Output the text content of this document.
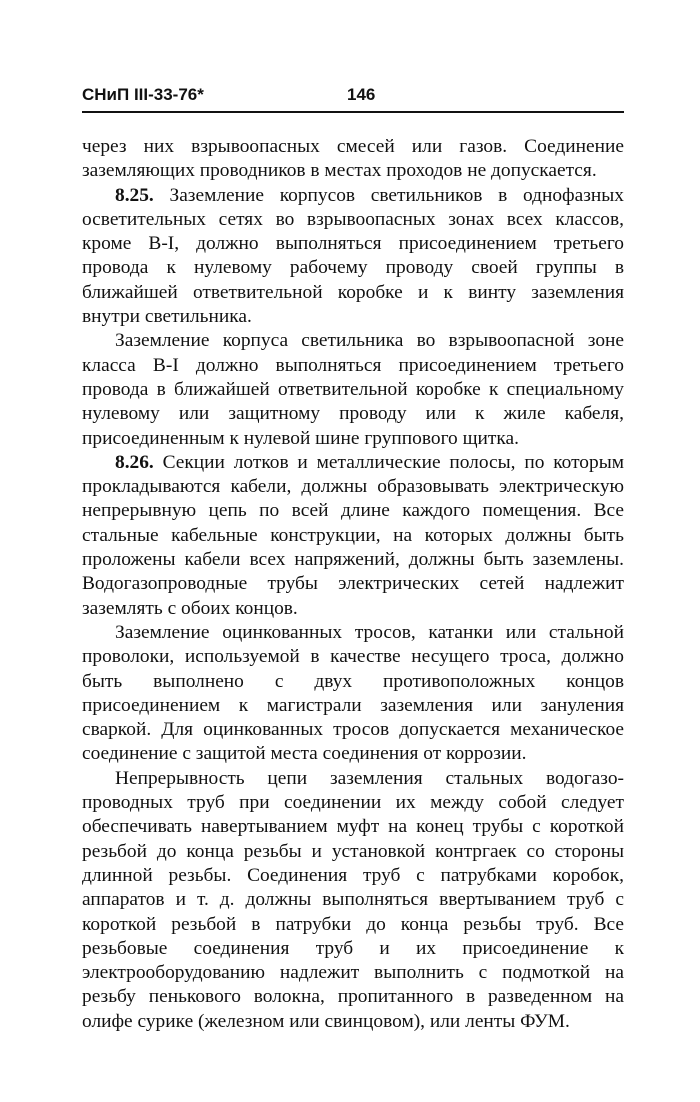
СНиП III-33-76*	146

через них взрывоопасных смесей или газов. Соединение заземляющих проводников в местах проходов не допускается.

8.25. Заземление корпусов светильников в однофазных осветительных сетях во взрывоопасных зонах всех классов, кроме В-I, должно выполняться присоединением третьего провода к нулевому рабочему проводу своей группы в ближайшей ответвительной коробке и к винту заземления внутри светильника.

Заземление корпуса светильника во взрывоопасной зоне класса В-I должно выполняться присоединением третьего провода в ближайшей ответвительной коробке к специальному нулевому или защитному проводу или к жиле кабеля, присоединенным к нулевой шине группового щитка.

8.26. Секции лотков и металлические полосы, по которым прокладываются кабели, должны образовывать электрическую непрерывную цепь по всей длине каждого помещения. Все стальные кабельные конструкции, на которых должны быть проложены кабели всех напряжений, должны быть заземлены. Водогазопроводные трубы электрических сетей надлежит заземлять с обоих концов.

Заземление оцинкованных тросов, катанки или стальной проволоки, используемой в качестве несущего троса, должно быть выполнено с двух противоположных концов присоединением к магистрали заземления или зануления сваркой. Для оцинкованных тросов допускается механическое соединение с защитой места соединения от коррозии.

Непрерывность цепи заземления стальных водогазопроводных труб при соединении их между собой следует обеспечивать навертыванием муфт на конец трубы с короткой резьбой до конца резьбы и установкой контргаек со стороны длинной резьбы. Соединения труб с патрубками коробок, аппаратов и т. д. должны выполняться ввертыванием труб с короткой резьбой в патрубки до конца резьбы труб. Все резьбовые соединения труб и их присоединение к электрооборудованию надлежит выполнить с подмоткой на резьбу пенькового волокна, пропитанного в разведенном на олифе сурике (железном или свинцовом), или ленты ФУМ.
